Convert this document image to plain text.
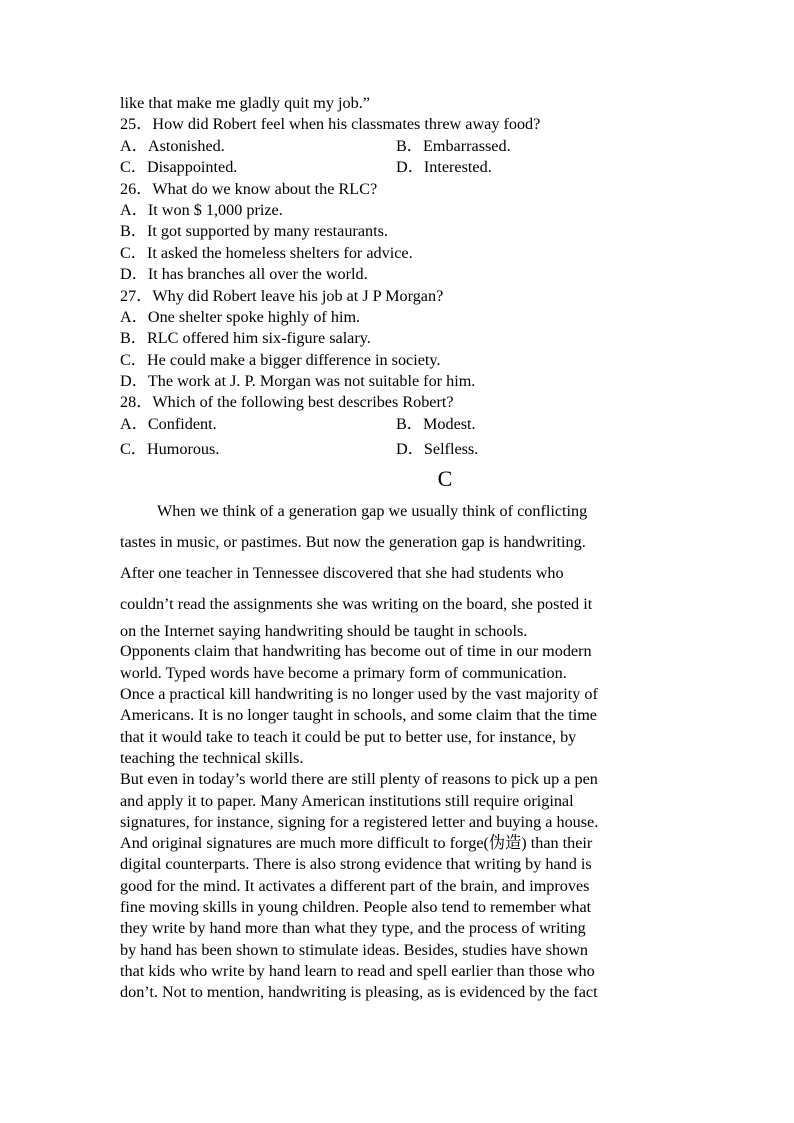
like that make me gladly quit my job.”
25．How did Robert feel when his classmates threw away food?
A．Astonished.	B．Embarrassed.
C．Disappointed.	D．Interested.
26．What do we know about the RLC?
A．It won $ 1,000 prize.
B．It got supported by many restaurants.
C．It asked the homeless shelters for advice.
D．It has branches all over the world.
27．Why did Robert leave his job at J P Morgan?
A．One shelter spoke highly of him.
B．RLC offered him six-figure salary.
C．He could make a bigger difference in society.
D．The work at J. P. Morgan was not suitable for him.
28．Which of the following best describes Robert?
A．Confident.	B．Modest.
C．Humorous.	D．Selfless.
C
When we think of a generation gap we usually think of conflicting
tastes in music, or pastimes. But now the generation gap is handwriting.
After one teacher in Tennessee discovered that she had students who
couldn’t read the assignments she was writing on the board, she posted it
on the Internet saying handwriting should be taught in schools.
Opponents claim that handwriting has become out of time in our modern
world. Typed words have become a primary form of communication.
Once a practical kill handwriting is no longer used by the vast majority of
Americans. It is no longer taught in schools, and some claim that the time
that it would take to teach it could be put to better use, for instance, by
teaching the technical skills.
But even in today’s world there are still plenty of reasons to pick up a pen
and apply it to paper. Many American institutions still require original
signatures, for instance, signing for a registered letter and buying a house.
And original signatures are much more difficult to forge(伪造) than their
digital counterparts. There is also strong evidence that writing by hand is
good for the mind. It activates a different part of the brain, and improves
fine moving skills in young children. People also tend to remember what
they write by hand more than what they type, and the process of writing
by hand has been shown to stimulate ideas. Besides, studies have shown
that kids who write by hand learn to read and spell earlier than those who
don’t. Not to mention, handwriting is pleasing, as is evidenced by the fact
